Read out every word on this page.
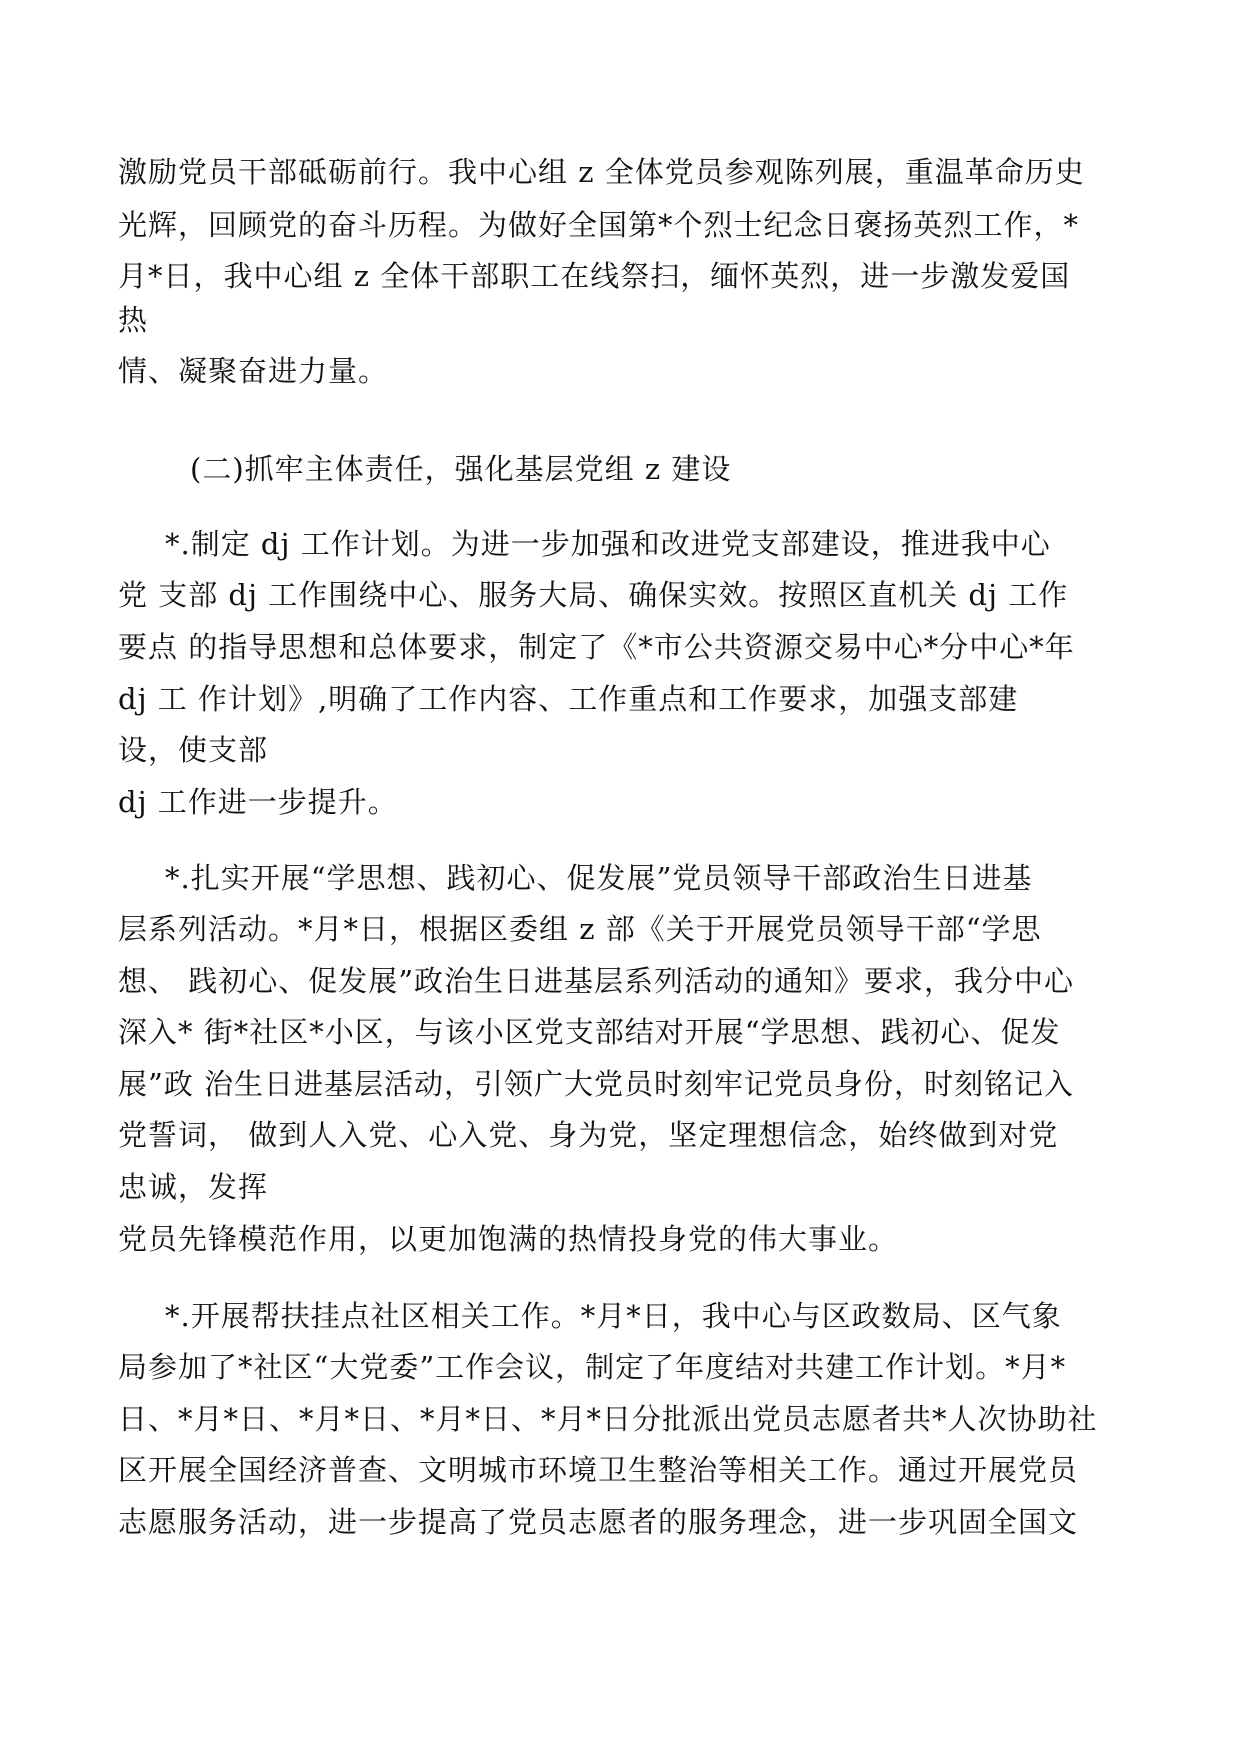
激励党员干部砥砺前行。我中心组 z 全体党员参观陈列展，重温革命历史
光辉，回顾党的奋斗历程。为做好全国第*个烈士纪念日褒扬英烈工作，*
月*日，我中心组 z 全体干部职工在线祭扫，缅怀英烈，进一步激发爱国
热
情、凝聚奋进力量。
(二)抓牢主体责任，强化基层党组 z 建设
*.制定 dj 工作计划。为进一步加强和改进党支部建设，推进我中心
党 支部 dj 工作围绕中心、服务大局、确保实效。按照区直机关 dj 工作
要点 的指导思想和总体要求，制定了《*市公共资源交易中心*分中心*年
dj 工 作计划》,明确了工作内容、工作重点和工作要求，加强支部建
设，使支部
dj 工作进一步提升。
*.扎实开展“学思想、践初心、促发展”党员领导干部政治生日进基
层系列活动。*月*日，根据区委组 z 部《关于开展党员领导干部“学思
想、 践初心、促发展”政治生日进基层系列活动的通知》要求，我分中心
深入* 街*社区*小区，与该小区党支部结对开展“学思想、践初心、促发
展”政 治生日进基层活动，引领广大党员时刻牢记党员身份，时刻铭记入
党誓词， 做到人入党、心入党、身为党，坚定理想信念，始终做到对党
忠诚，发挥
党员先锋模范作用，以更加饱满的热情投身党的伟大事业。
*.开展帮扶挂点社区相关工作。*月*日，我中心与区政数局、区气象
局参加了*社区“大党委”工作会议，制定了年度结对共建工作计划。*月*
日、*月*日、*月*日、*月*日、*月*日分批派出党员志愿者共*人次协助社
区开展全国经济普查、文明城市环境卫生整治等相关工作。通过开展党员
志愿服务活动，进一步提高了党员志愿者的服务理念，进一步巩固全国文
